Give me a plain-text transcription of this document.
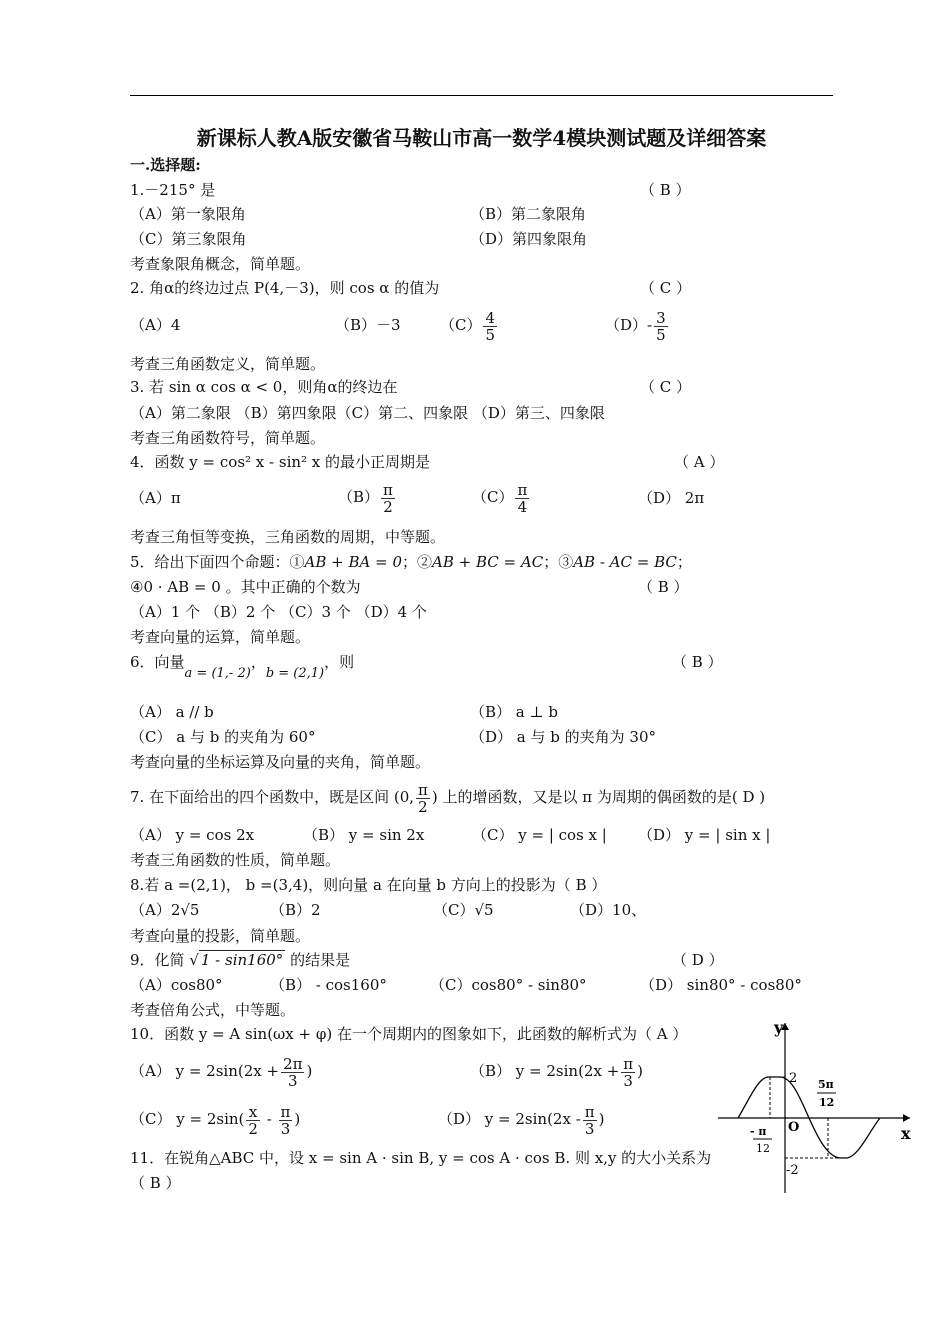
新课标人教A版安徽省马鞍山市高一数学4模块测试题及详细答案
一.选择题:
1.－215° 是	（ B ）
（A）第一象限角	（B）第二象限角
（C）第三象限角	（D）第四象限角
考查象限角概念，简单题。
2. 角α的终边过点 P(4,－3)，则 cos α 的值为	（ C ）
（A）4	（B）－3	$(C) \frac{4}{5}$	$(D)- \frac{3}{5}$
考查三角函数定义，简单题。
3. 若 sin α cos α < 0，则角α的终边在	（ C ）
（A）第二象限 （B）第四象限（C）第二、四象限 （D）第三、四象限
考查三角函数符号，简单题。
4．函数 y = cos² x - sin² x 的最小正周期是	（ A ）
（A）π	$(B) \frac{\pi}{2}$	$(C) \frac{\pi}{4}$	（D） 2π
考查三角恒等变换，三角函数的周期，中等题。
5．给出下面四个命题：①AB + BA = 0；②AB + BC = AC；③AB - AC = BC；
④0 · AB = 0 。其中正确的个数为	（ B ）
（A）1 个 （B）2 个 （C）3 个 （D）4 个
考查向量的运算，简单题。
6．向量a = (1,- 2)，b = (2,1)，则	（ B ）
（A） a // b	（B） a ⊥ b
（C） a 与 b 的夹角为 60°	（D） a 与 b 的夹角为 30°
考查向量的坐标运算及向量的夹角，简单题。
7. 在下面给出的四个函数中，既是区间 (0, $\frac{\pi}{2}$ ) 上的增函数，又是以 π 为周期的偶函数的是( D )
（A） y = cos 2x	（B） y = sin 2x	（C） y = | cos x | （D） y = | sin x |
考查三角函数的性质，简单题。
8.若 a =(2,1)， b =(3,4)，则向量 a 在向量 b 方向上的投影为（ B ）
（A）2√5	（B）2	（C）√5	（D）10、
考查向量的投影，简单题。
9．化简 √ 1 - sin160° 的结果是	（ D ）
（A）cos80°	（B） - cos160°	（C）cos80° - sin80°	（D） sin80° - cos80°
考查倍角公式，中等题。
10．函数 y = A sin(ωx + φ) 在一个周期内的图象如下，此函数的解析式为（ A ）
（A） $y = 2\sin(2x + \frac{2\pi}{3}$ )	（B） $y = 2\sin(2x + \frac{\pi}{3}$ )
（C） $y = 2\sin( \frac{x}{2} - \frac{\pi}{3}$ )	（D） $y = 2\sin(2x - \frac{\pi}{3}$ )
11．在锐角△ABC 中，设 x = sin A · sin B, y = cos A · cos B. 则 x,y 的大小关系为
（ B ）
y
x
O
2
-2
5π
12
- π
12
